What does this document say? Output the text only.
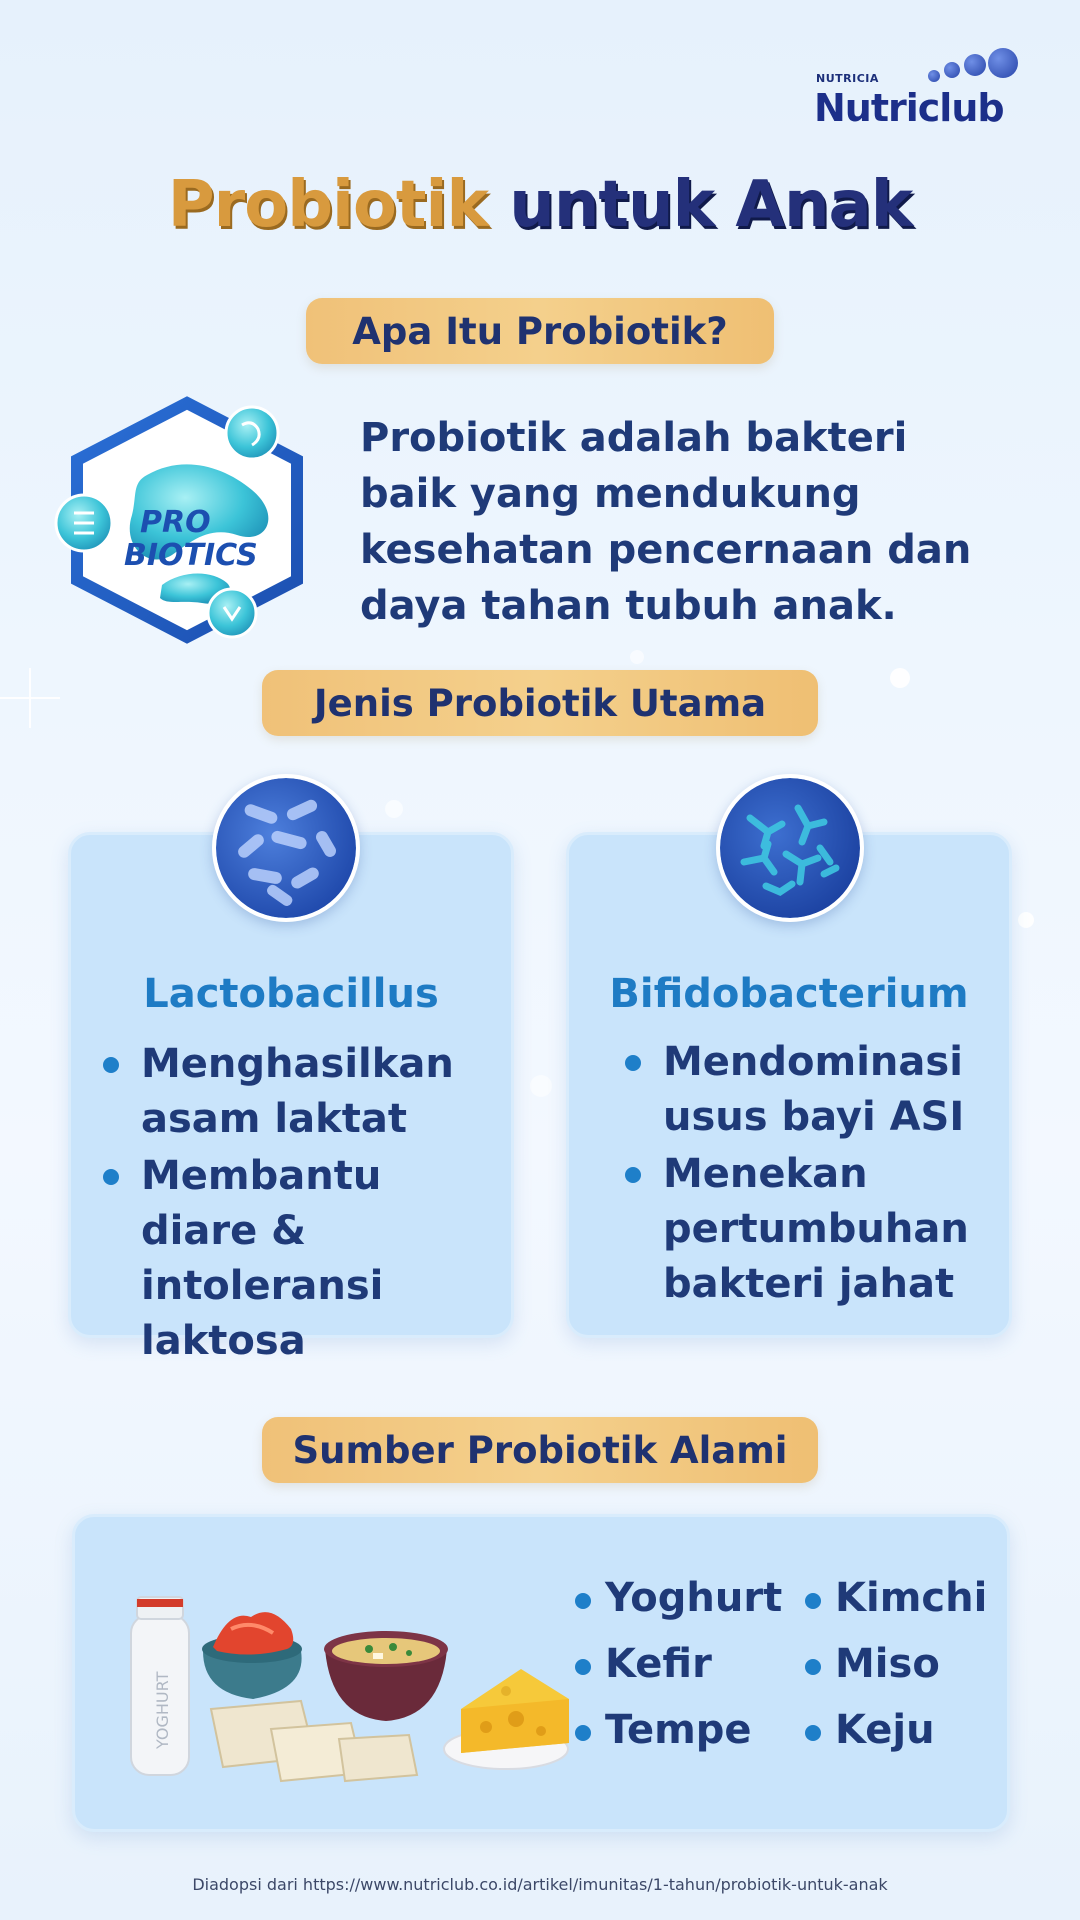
NUTRICIA
Nutriclub
Probiotik untuk Anak
Apa Itu Probiotik?
PRO
BIOTICS
Probiotik adalah bakteri baik yang mendukung kesehatan pencernaan dan daya tahan tubuh anak.
Jenis Probiotik Utama
Lactobacillus
Menghasilkan asam laktat
Membantu diare & intoleransi laktosa
Bifidobacterium
Mendominasi usus bayi ASI
Menekan pertumbuhan bakteri jahat
Sumber Probiotik Alami
YOGHURT
Yoghurt
Kefir
Tempe
Kimchi
Miso
Keju
Diadopsi dari https://www.nutriclub.co.id/artikel/imunitas/1-tahun/probiotik-untuk-anak
